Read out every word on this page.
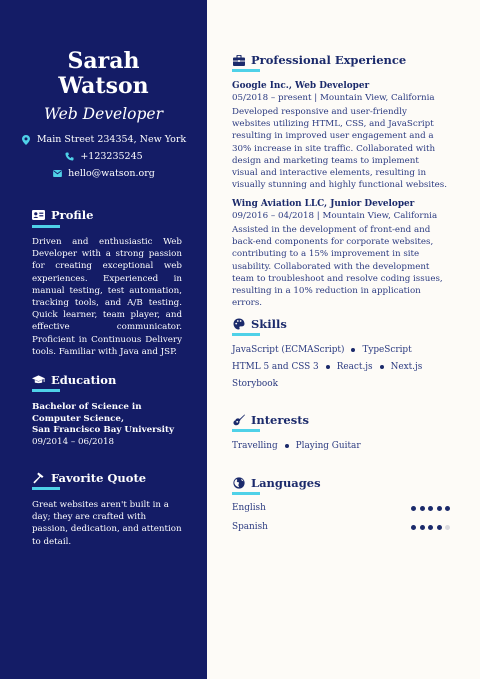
Sarah
Watson
Web Developer
Main Street 234354, New York
+123235245
hello@watson.org
Profile
Driven and enthusiastic Web Developer with a strong passion for creating exceptional web experiences. Experienced in manual testing, test automation, tracking tools, and A/B testing. Quick learner, team player, and effective communicator. Proficient in Continuous Delivery tools. Familiar with Java and JSP.
Education
Bachelor of Science in Computer Science,
San Francisco Bay University
09/2014 – 06/2018
Favorite Quote
Great websites aren't built in a day; they are crafted with passion, dedication, and attention to detail.
Professional Experience
Google Inc., Web Developer
05/2018 – present | Mountain View, California
Developed responsive and user-friendly websites utilizing HTML, CSS, and JavaScript resulting in improved user engagement and a 30% increase in site traffic. Collaborated with design and marketing teams to implement visual and interactive elements, resulting in visually stunning and highly functional websites.
Wing Aviation LLC, Junior Developer
09/2016 – 04/2018 | Mountain View, California
Assisted in the development of front-end and back-end components for corporate websites, contributing to a 15% improvement in site usability. Collaborated with the development team to troubleshoot and resolve coding issues, resulting in a 10% reduction in application errors.
Skills
JavaScript (ECMAScript) TypeScript
HTML 5 and CSS 3 React.js Next.js
Storybook
Interests
Travelling Playing Guitar
Languages
English
Spanish
